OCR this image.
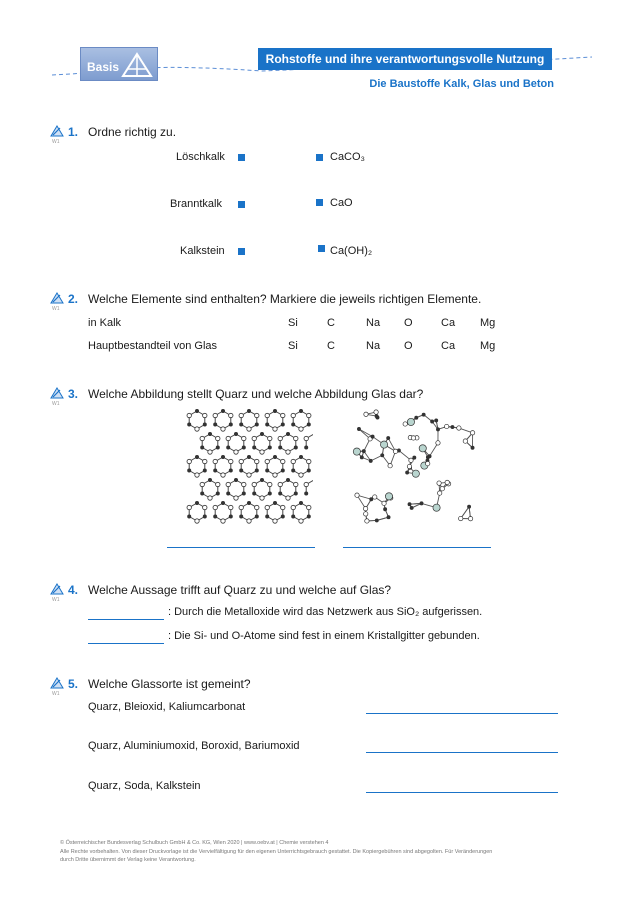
Basis
Rohstoffe und ihre verantwortungsvolle Nutzung
Die Baustoffe Kalk, Glas und Beton
W1
1. Ordne richtig zu.
Löschkalk	CaCO₃
Branntkalk	CaO
Kalkstein	Ca(OH)₂
W1
2. Welche Elemente sind enthalten? Markiere die jeweils richtigen Elemente.
in Kalk	Si	C	Na O	Ca Mg
Hauptbestandteil von Glas	Si	C	Na O	Ca Mg
W1
3. Welche Abbildung stellt Quarz und welche Abbildung Glas dar?
W1
4. Welche Aussage trifft auf Quarz zu und welche auf Glas?
: Durch die Metalloxide wird das Netzwerk aus SiO₂ aufgerissen.
: Die Si- und O-Atome sind fest in einem Kristallgitter gebunden.
W1
5. Welche Glassorte ist gemeint?
Quarz, Bleioxid, Kaliumcarbonat
Quarz, Aluminiumoxid, Boroxid, Bariumoxid
Quarz, Soda, Kalkstein
© Österreichischer Bundesverlag Schulbuch GmbH & Co. KG, Wien 2020 | www.oebv.at | Chemie verstehen 4
Alle Rechte vorbehalten. Von dieser Druckvorlage ist die Vervielfältigung für den eigenen Unterrichtsgebrauch gestattet. Die Kopiergebühren sind abgegolten. Für Veränderungen
durch Dritte übernimmt der Verlag keine Verantwortung.
